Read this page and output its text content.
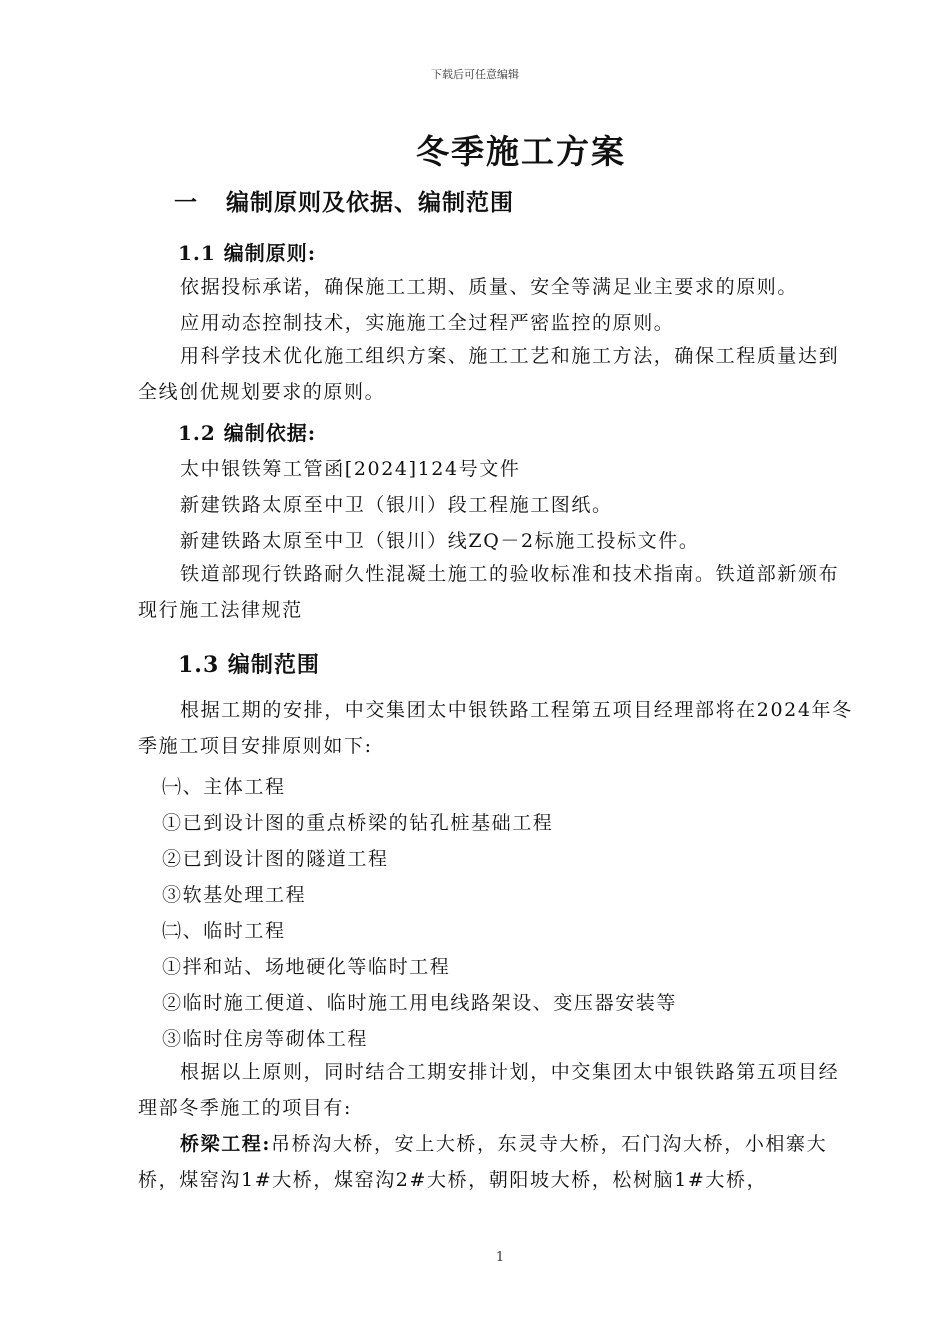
下载后可任意编辑
冬季施工方案
一 编制原则及依据、编制范围
1.1 编制原则:

依据投标承诺，确保施工工期、质量、安全等满足业主要求的原则。

应用动态控制技术，实施施工全过程严密监控的原则。

用科学技术优化施工组织方案、施工工艺和施工方法，确保工程质量达到全线创优规划要求的原则。

1.2 编制依据:

太中银铁筹工管函[2024]124号文件

新建铁路太原至中卫（银川）段工程施工图纸。

新建铁路太原至中卫（银川）线ZQ－2标施工投标文件。

铁道部现行铁路耐久性混凝土施工的验收标准和技术指南。铁道部新颁布现行施工法律规范

1.3 编制范围

根据工期的安排，中交集团太中银铁路工程第五项目经理部将在2024年冬季施工项目安排原则如下:

㈠、主体工程

①已到设计图的重点桥梁的钻孔桩基础工程

②已到设计图的隧道工程

③软基处理工程

㈡、临时工程

①拌和站、场地硬化等临时工程

②临时施工便道、临时施工用电线路架设、变压器安装等

③临时住房等砌体工程

根据以上原则，同时结合工期安排计划，中交集团太中银铁路第五项目经理部冬季施工的项目有:

桥梁工程:吊桥沟大桥，安上大桥，东灵寺大桥，石门沟大桥，小相寨大桥，煤窑沟1#大桥，煤窑沟2#大桥，朝阳坡大桥，松树脑1#大桥，

1
